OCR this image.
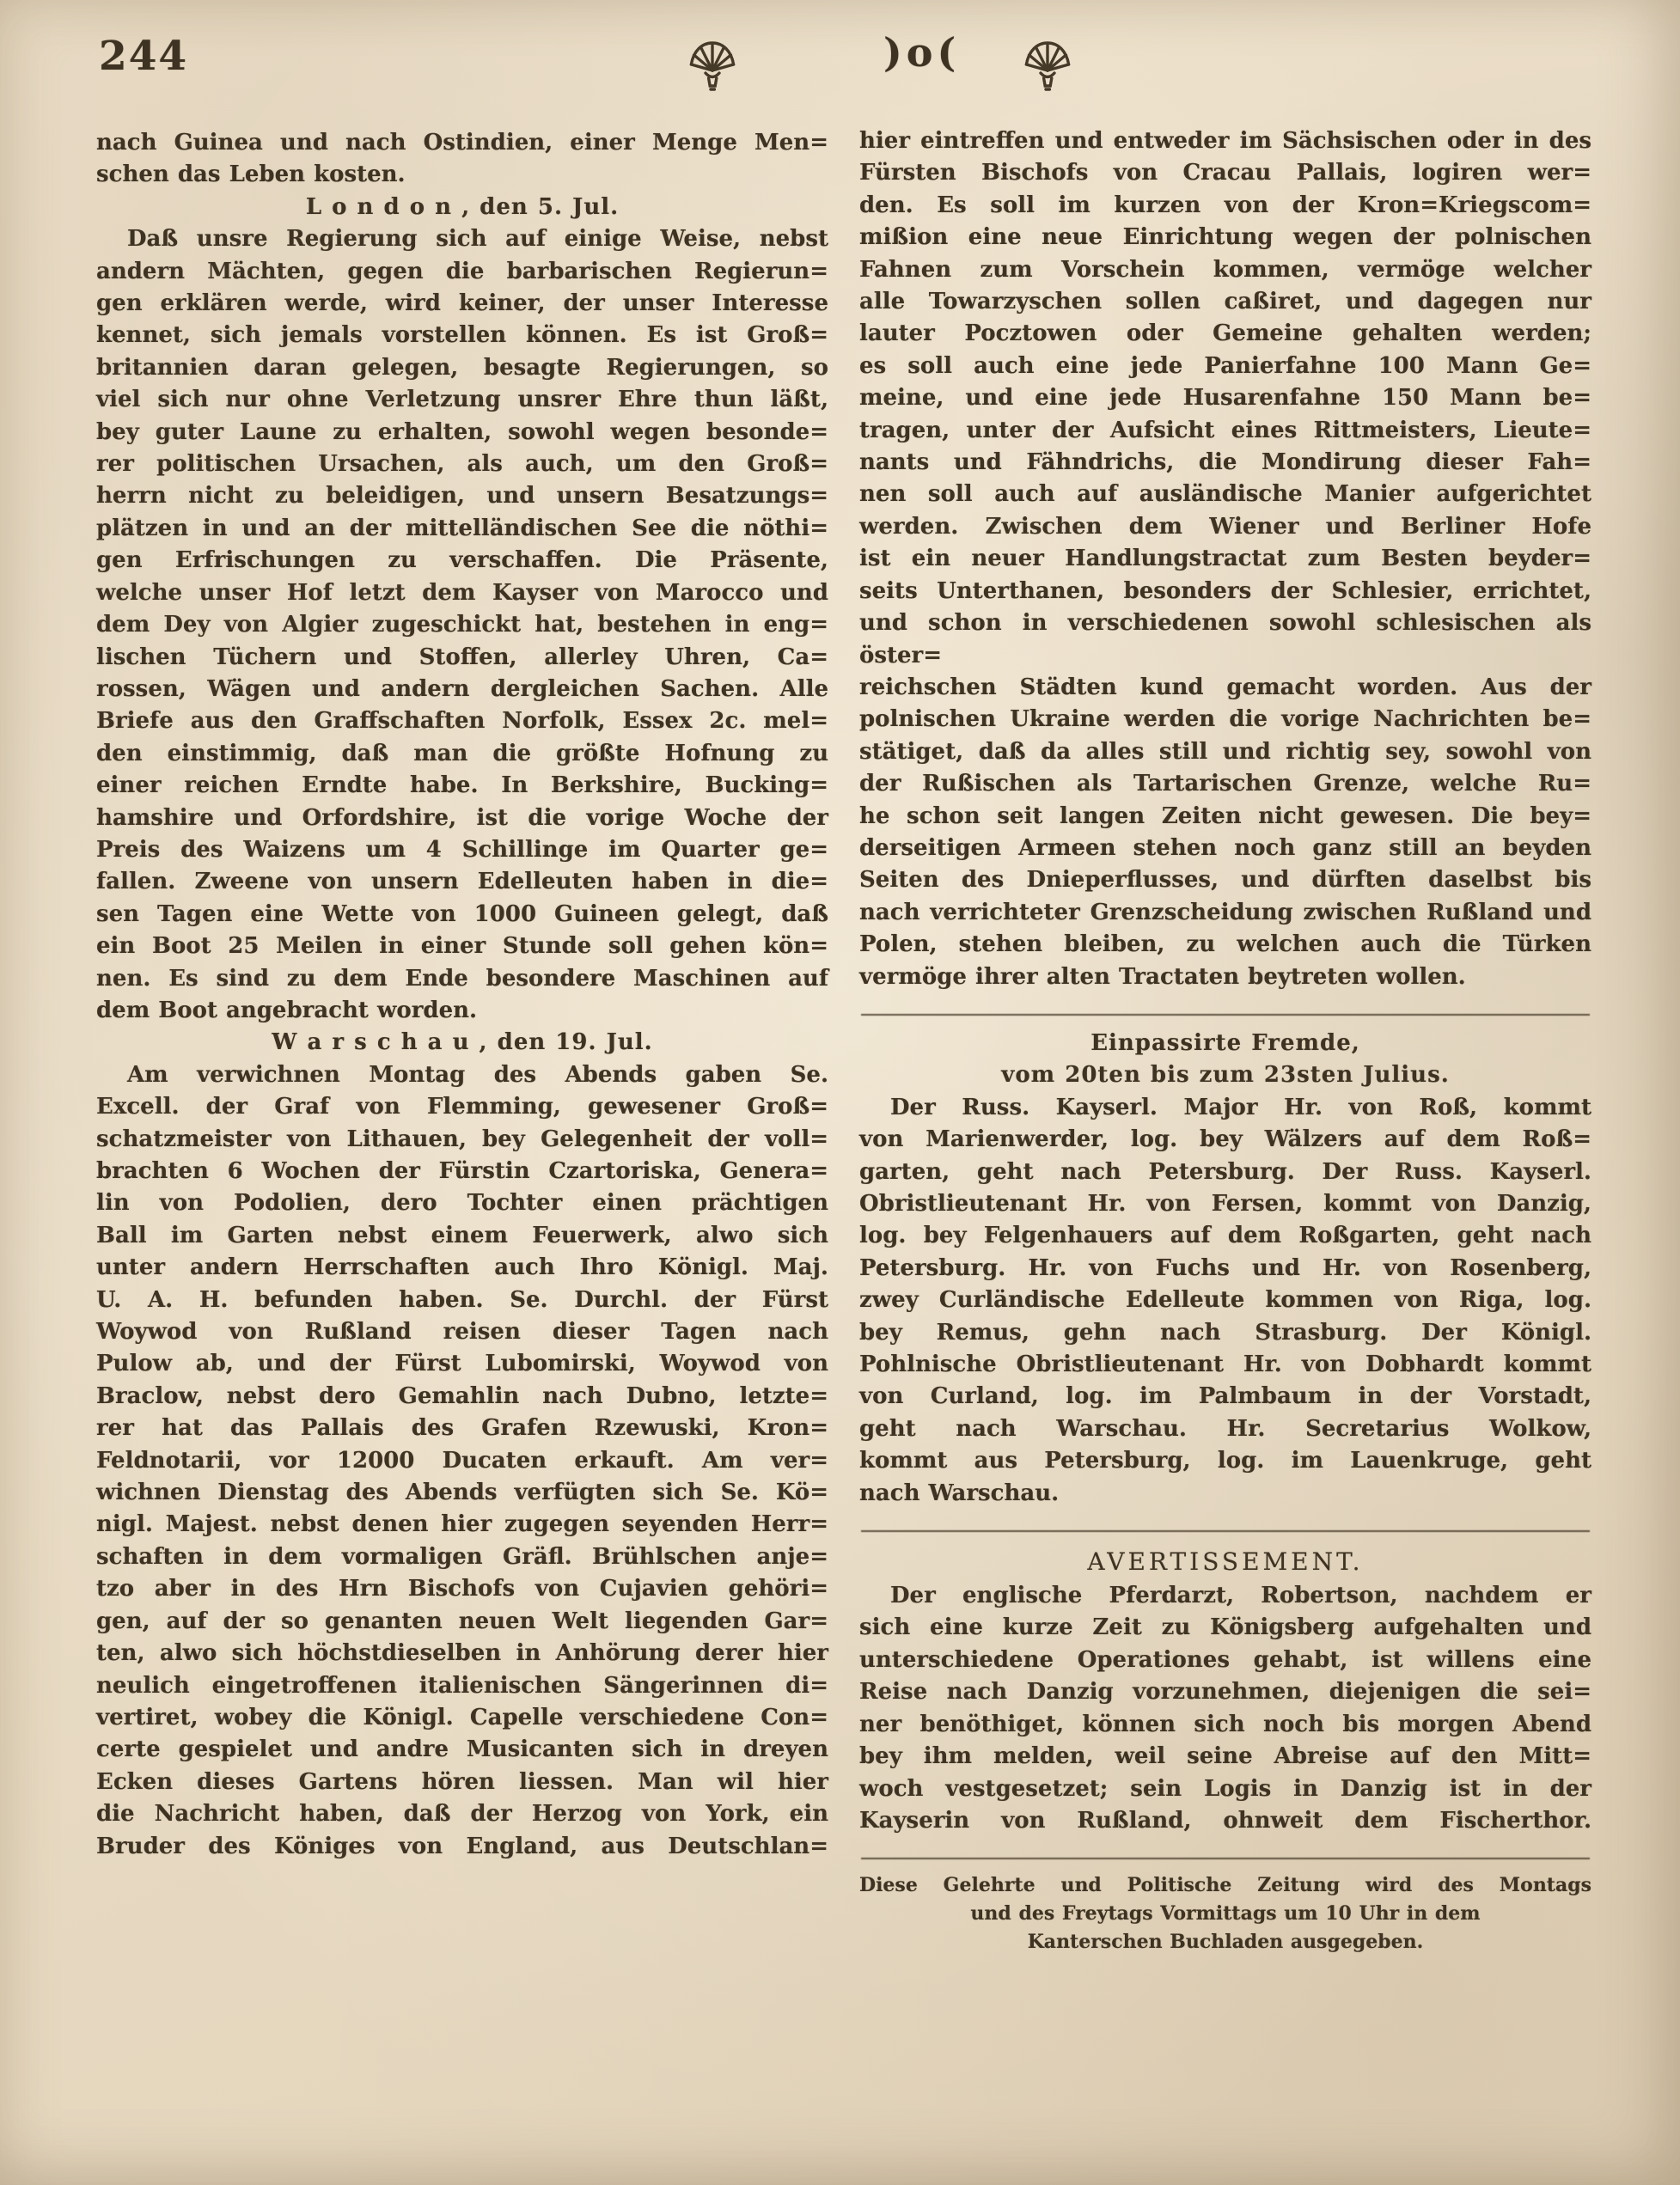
244	)o(
nach Guinea und nach Ostindien, einer Menge Men=
schen das Leben kosten.
L o n d o n , den 5. Jul.
Daß unsre Regierung sich auf einige Weise, nebst
andern Mächten, gegen die barbarischen Regierun=
gen erklären werde, wird keiner, der unser Interesse
kennet, sich jemals vorstellen können. Es ist Groß=
britannien daran gelegen, besagte Regierungen, so
viel sich nur ohne Verletzung unsrer Ehre thun läßt,
bey guter Laune zu erhalten, sowohl wegen besonde=
rer politischen Ursachen, als auch, um den Groß=
herrn nicht zu beleidigen, und unsern Besatzungs=
plätzen in und an der mittelländischen See die nöthi=
gen Erfrischungen zu verschaffen. Die Präsente,
welche unser Hof letzt dem Kayser von Marocco und
dem Dey von Algier zugeschickt hat, bestehen in eng=
lischen Tüchern und Stoffen, allerley Uhren, Ca=
rossen, Wägen und andern dergleichen Sachen. Alle
Briefe aus den Graffschaften Norfolk, Essex 2c. mel=
den einstimmig, daß man die größte Hofnung zu
einer reichen Erndte habe. In Berkshire, Bucking=
hamshire und Orfordshire, ist die vorige Woche der
Preis des Waizens um 4 Schillinge im Quarter ge=
fallen. Zweene von unsern Edelleuten haben in die=
sen Tagen eine Wette von 1000 Guineen gelegt, daß
ein Boot 25 Meilen in einer Stunde soll gehen kön=
nen. Es sind zu dem Ende besondere Maschinen auf
dem Boot angebracht worden.
W a r s c h a u , den 19. Jul.
Am verwichnen Montag des Abends gaben Se.
Excell. der Graf von Flemming, gewesener Groß=
schatzmeister von Lithauen, bey Gelegenheit der voll=
brachten 6 Wochen der Fürstin Czartoriska, Genera=
lin von Podolien, dero Tochter einen prächtigen
Ball im Garten nebst einem Feuerwerk, alwo sich
unter andern Herrschaften auch Ihro Königl. Maj.
U. A. H. befunden haben. Se. Durchl. der Fürst
Woywod von Rußland reisen dieser Tagen nach
Pulow ab, und der Fürst Lubomirski, Woywod von
Braclow, nebst dero Gemahlin nach Dubno, letzte=
rer hat das Pallais des Grafen Rzewuski, Kron=
Feldnotarii, vor 12000 Ducaten erkauft. Am ver=
wichnen Dienstag des Abends verfügten sich Se. Kö=
nigl. Majest. nebst denen hier zugegen seyenden Herr=
schaften in dem vormaligen Gräfl. Brühlschen anje=
tzo aber in des Hrn Bischofs von Cujavien gehöri=
gen, auf der so genanten neuen Welt liegenden Gar=
ten, alwo sich höchstdieselben in Anhörung derer hier
neulich eingetroffenen italienischen Sängerinnen di=
vertiret, wobey die Königl. Capelle verschiedene Con=
certe gespielet und andre Musicanten sich in dreyen
Ecken dieses Gartens hören liessen. Man wil hier
die Nachricht haben, daß der Herzog von York, ein
Bruder des Königes von England, aus Deutschlan=
hier eintreffen und entweder im Sächsischen oder in des
Fürsten Bischofs von Cracau Pallais, logiren wer=
den. Es soll im kurzen von der Kron=Kriegscom=
mißion eine neue Einrichtung wegen der polnischen
Fahnen zum Vorschein kommen, vermöge welcher
alle Towarzyschen sollen caßiret, und dagegen nur
lauter Pocztowen oder Gemeine gehalten werden;
es soll auch eine jede Panierfahne 100 Mann Ge=
meine, und eine jede Husarenfahne 150 Mann be=
tragen, unter der Aufsicht eines Rittmeisters, Lieute=
nants und Fähndrichs, die Mondirung dieser Fah=
nen soll auch auf ausländische Manier aufgerichtet
werden. Zwischen dem Wiener und Berliner Hofe
ist ein neuer Handlungstractat zum Besten beyder=
seits Unterthanen, besonders der Schlesier, errichtet,
und schon in verschiedenen sowohl schlesischen als öster=
reichschen Städten kund gemacht worden. Aus der
polnischen Ukraine werden die vorige Nachrichten be=
stätiget, daß da alles still und richtig sey, sowohl von
der Rußischen als Tartarischen Grenze, welche Ru=
he schon seit langen Zeiten nicht gewesen. Die bey=
derseitigen Armeen stehen noch ganz still an beyden
Seiten des Dnieperflusses, und dürften daselbst bis
nach verrichteter Grenzscheidung zwischen Rußland und
Polen, stehen bleiben, zu welchen auch die Türken
vermöge ihrer alten Tractaten beytreten wollen.
Einpassirte Fremde,
vom 20ten bis zum 23sten Julius.
Der Russ. Kayserl. Major Hr. von Roß, kommt
von Marienwerder, log. bey Wälzers auf dem Roß=
garten, geht nach Petersburg. Der Russ. Kayserl.
Obristlieutenant Hr. von Fersen, kommt von Danzig,
log. bey Felgenhauers auf dem Roßgarten, geht nach
Petersburg. Hr. von Fuchs und Hr. von Rosenberg,
zwey Curländische Edelleute kommen von Riga, log.
bey Remus, gehn nach Strasburg. Der Königl.
Pohlnische Obristlieutenant Hr. von Dobhardt kommt
von Curland, log. im Palmbaum in der Vorstadt,
geht nach Warschau. Hr. Secretarius Wolkow,
kommt aus Petersburg, log. im Lauenkruge, geht
nach Warschau.
AVERTISSEMENT.
Der englische Pferdarzt, Robertson, nachdem er
sich eine kurze Zeit zu Königsberg aufgehalten und
unterschiedene Operationes gehabt, ist willens eine
Reise nach Danzig vorzunehmen, diejenigen die sei=
ner benöthiget, können sich noch bis morgen Abend
bey ihm melden, weil seine Abreise auf den Mitt=
woch vestgesetzet; sein Logis in Danzig ist in der
Kayserin von Rußland, ohnweit dem Fischerthor.
Diese Gelehrte und Politische Zeitung wird des Montags
und des Freytags Vormittags um 10 Uhr in dem
Kanterschen Buchladen ausgegeben.
